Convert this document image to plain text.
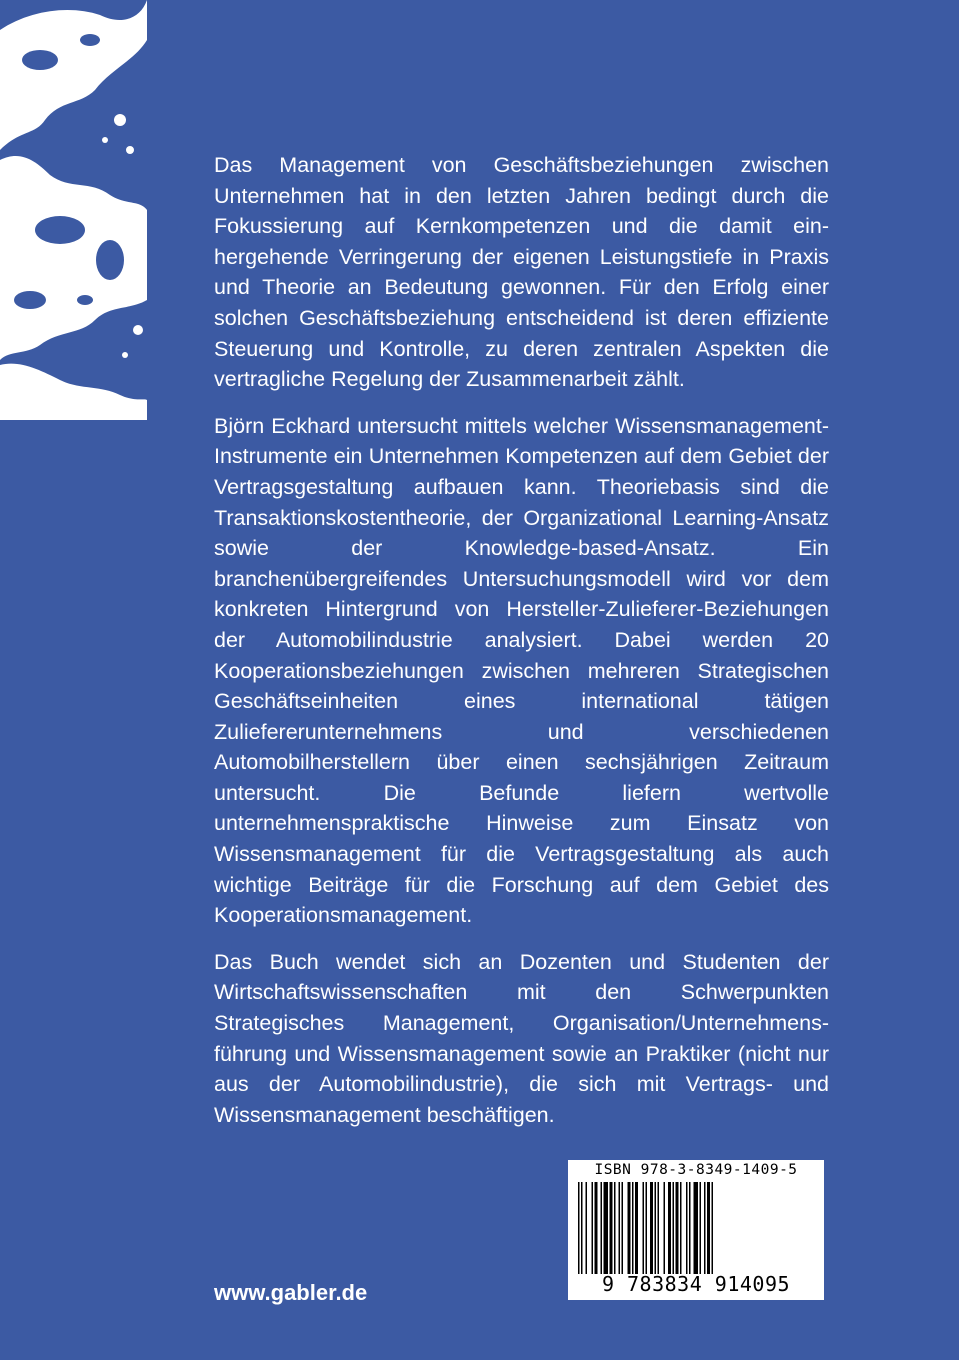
Das Management von Geschäftsbeziehungen zwischen Unternehmen hat in den letzten Jahren bedingt durch die Fokussierung auf Kernkompetenzen und die damit einhergehende Verringerung der eigenen Leistungstiefe in Praxis und Theorie an Bedeutung gewonnen. Für den Erfolg einer solchen Geschäftsbeziehung entscheidend ist deren effiziente Steuerung und Kontrolle, zu deren zentralen Aspekten die vertragliche Regelung der Zusammenarbeit zählt.

Björn Eckhard untersucht mittels welcher Wissensmanagement-Instrumente ein Unternehmen Kompetenzen auf dem Gebiet der Vertragsgestaltung aufbauen kann. Theoriebasis sind die Transaktionskostentheorie, der Organizational Learning-Ansatz sowie der Knowledge-based-Ansatz. Ein branchenübergreifendes Untersuchungsmodell wird vor dem konkreten Hintergrund von Hersteller-Zulieferer-Beziehungen der Automobilindustrie analysiert. Dabei werden 20 Kooperationsbeziehungen zwischen mehreren Strategischen Geschäftseinheiten eines international tätigen Zuliefererunternehmens und verschiedenen Automobilherstellern über einen sechsjährigen Zeitraum untersucht. Die Befunde liefern wertvolle unternehmenspraktische Hinweise zum Einsatz von Wissensmanagement für die Vertragsgestaltung als auch wichtige Beiträge für die Forschung auf dem Gebiet des Kooperationsmanagement.

Das Buch wendet sich an Dozenten und Studenten der Wirtschaftswissenschaften mit den Schwerpunkten Strategisches Management, Organisation/Unternehmensführung und Wissensmanagement sowie an Praktiker (nicht nur aus der Automobilindustrie), die sich mit Vertrags- und Wissensmanagement beschäftigen.

ISBN 978-3-8349-1409-5
9 783834 914095
www.gabler.de
